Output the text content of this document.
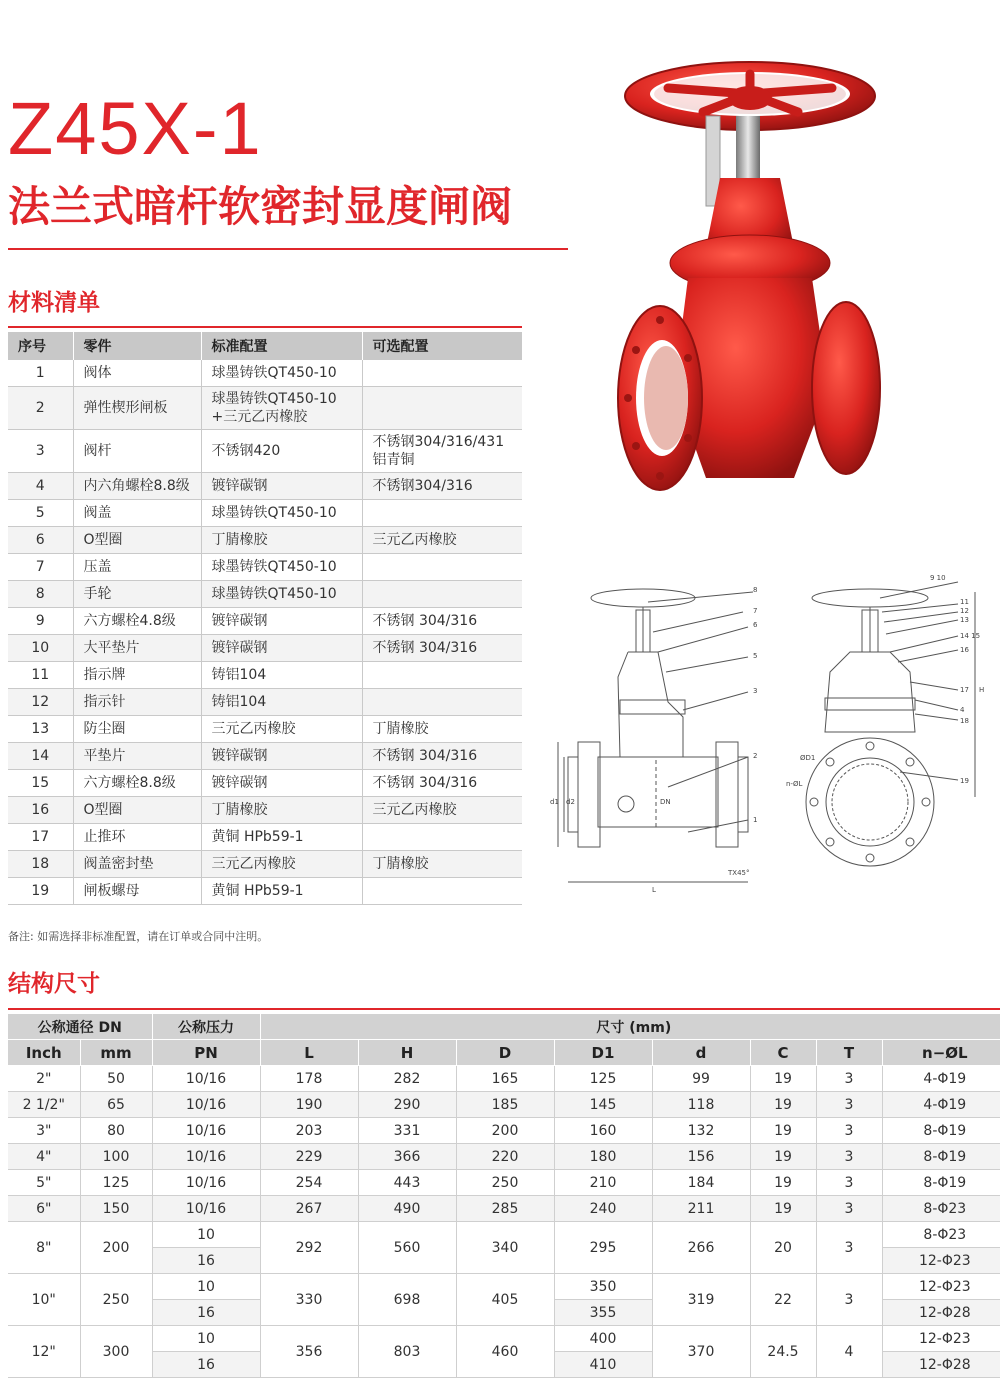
Z45X-1
法兰式暗杆软密封显度闸阀
8
7
6
5
3
2
1
d1 d2	DN
L
TX45°
9 10
11
12
13
14 15
16
17
4
18
19
H
ØD1
n-ØL
材料清单
序号	零件	标准配置	可选配置
1	阀体	球墨铸铁QT450-10	
2	弹性楔形闸板	球墨铸铁QT450-10
+三元乙丙橡胶	
3	阀杆	不锈钢420	不锈钢304/316/431
铝青铜
4	内六角螺栓8.8级	镀锌碳钢	不锈钢304/316
5	阀盖	球墨铸铁QT450-10	
6	O型圈	丁腈橡胶	三元乙丙橡胶
7	压盖	球墨铸铁QT450-10	
8	手轮	球墨铸铁QT450-10	
9	六方螺栓4.8级	镀锌碳钢	不锈钢 304/316
10	大平垫片	镀锌碳钢	不锈钢 304/316
11	指示牌	铸铝104	
12	指示针	铸铝104	
13	防尘圈	三元乙丙橡胶	丁腈橡胶
14	平垫片	镀锌碳钢	不锈钢 304/316
15	六方螺栓8.8级	镀锌碳钢	不锈钢 304/316
16	O型圈	丁腈橡胶	三元乙丙橡胶
17	止推环	黄铜 HPb59-1	
18	阀盖密封垫	三元乙丙橡胶	丁腈橡胶
19	闸板螺母	黄铜 HPb59-1	
备注: 如需选择非标准配置，请在订单或合同中注明。
结构尺寸
公称通径 DN		公称压力	尺寸 (mm)							
Inch	mm	PN	L	H	D	D1	d	C	T	n−ØL
2"	50	10/16	178	282	165	125	99	19	3	4-Φ19
2 1/2"	65	10/16	190	290	185	145	118	19	3	4-Φ19
3"	80	10/16	203	331	200	160	132	19	3	8-Φ19
4"	100	10/16	229	366	220	180	156	19	3	8-Φ19
5"	125	10/16	254	443	250	210	184	19	3	8-Φ19
6"	150	10/16	267	490	285	240	211	19	3	8-Φ23
8"	200	10	292	560	340	295	266	20	3	8-Φ23
		16								12-Φ23
10"	250	10	330	698	405	350	319	22	3	12-Φ23
		16				355				12-Φ28
12"	300	10	356	803	460	400	370	24.5	4	12-Φ23
		16				410				12-Φ28
